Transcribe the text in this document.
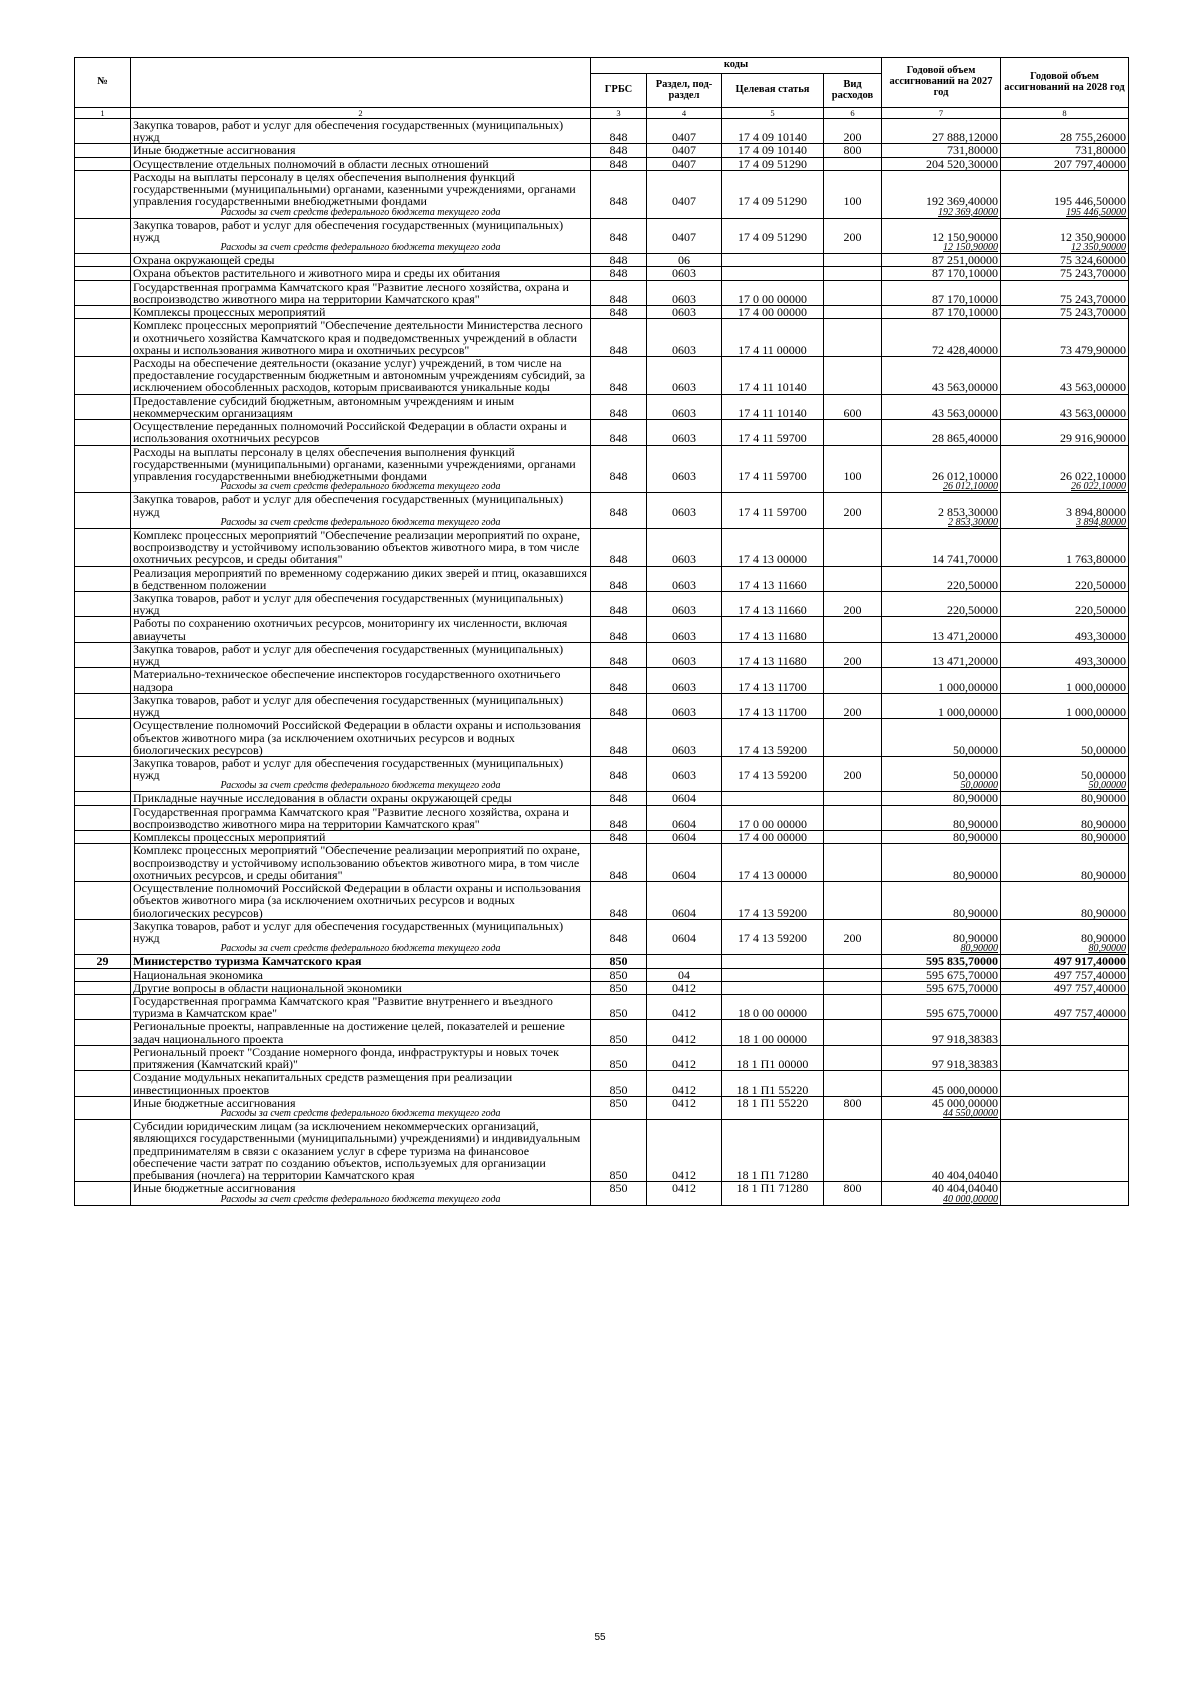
№		коды				Годовой объем ассигнований на 2027 год	Годовой объем ассигнований на 2028 год
		ГРБС	Раздел, под-раздел	Целевая статья	Вид расходов		
1	2	3	4	5	6	7	8
	Закупка товаров, работ и услуг для обеспечения государственных (муниципальных) нужд	848	0407	17 4 09 10140	200	27 888,12000	28 755,26000
	Иные бюджетные ассигнования	848	0407	17 4 09 10140	800	731,80000	731,80000
	Осуществление отдельных полномочий в области лесных отношений	848	0407	17 4 09 51290		204 520,30000	207 797,40000
	Расходы на выплаты персоналу в целях обеспечения выполнения функций государственными (муниципальными) органами, казенными учреждениями, органами управления государственными внебюджетными фондами	848	0407	17 4 09 51290	100	192 369,40000	195 446,50000
	Расходы за счет средств федерального бюджета текущего года					192 369,40000	195 446,50000
	Закупка товаров, работ и услуг для обеспечения государственных (муниципальных) нужд	848	0407	17 4 09 51290	200	12 150,90000	12 350,90000
	Расходы за счет средств федерального бюджета текущего года					12 150,90000	12 350,90000
	Охрана окружающей среды	848	06			87 251,00000	75 324,60000
	Охрана объектов растительного и животного мира и среды их обитания	848	0603			87 170,10000	75 243,70000
	Государственная программа Камчатского края "Развитие лесного хозяйства, охрана и воспроизводство животного мира на территории Камчатского края"	848	0603	17 0 00 00000		87 170,10000	75 243,70000
	Комплексы процессных мероприятий	848	0603	17 4 00 00000		87 170,10000	75 243,70000
	Комплекс процессных мероприятий "Обеспечение деятельности Министерства лесного и охотничьего хозяйства Камчатского края и подведомственных учреждений в области охраны и использования животного мира и охотничьих ресурсов"	848	0603	17 4 11 00000		72 428,40000	73 479,90000
	Расходы на обеспечение деятельности (оказание услуг) учреждений, в том числе на предоставление государственным бюджетным и автономным учреждениям субсидий, за исключением обособленных расходов, которым присваиваются уникальные коды	848	0603	17 4 11 10140		43 563,00000	43 563,00000
	Предоставление субсидий бюджетным, автономным учреждениям и иным некоммерческим организациям	848	0603	17 4 11 10140	600	43 563,00000	43 563,00000
	Осуществление переданных полномочий Российской Федерации в области охраны и использования охотничьих ресурсов	848	0603	17 4 11 59700		28 865,40000	29 916,90000
	Расходы на выплаты персоналу в целях обеспечения выполнения функций государственными (муниципальными) органами, казенными учреждениями, органами управления государственными внебюджетными фондами	848	0603	17 4 11 59700	100	26 012,10000	26 022,10000
	Расходы за счет средств федерального бюджета текущего года					26 012,10000	26 022,10000
	Закупка товаров, работ и услуг для обеспечения государственных (муниципальных) нужд	848	0603	17 4 11 59700	200	2 853,30000	3 894,80000
	Расходы за счет средств федерального бюджета текущего года					2 853,30000	3 894,80000
	Комплекс процессных мероприятий "Обеспечение реализации мероприятий по охране, воспроизводству и устойчивому использованию объектов животного мира, в том числе охотничьих ресурсов, и среды обитания"	848	0603	17 4 13 00000		14 741,70000	1 763,80000
	Реализация мероприятий по временному содержанию диких зверей и птиц, оказавшихся в бедственном положении	848	0603	17 4 13 11660		220,50000	220,50000
	Закупка товаров, работ и услуг для обеспечения государственных (муниципальных) нужд	848	0603	17 4 13 11660	200	220,50000	220,50000
	Работы по сохранению охотничьих ресурсов, мониторингу их численности, включая авиаучеты	848	0603	17 4 13 11680		13 471,20000	493,30000
	Закупка товаров, работ и услуг для обеспечения государственных (муниципальных) нужд	848	0603	17 4 13 11680	200	13 471,20000	493,30000
	Материально-техническое обеспечение инспекторов государственного охотничьего надзора	848	0603	17 4 13 11700		1 000,00000	1 000,00000
	Закупка товаров, работ и услуг для обеспечения государственных (муниципальных) нужд	848	0603	17 4 13 11700	200	1 000,00000	1 000,00000
	Осуществление полномочий Российской Федерации в области охраны и использования объектов животного мира (за исключением охотничьих ресурсов и водных биологических ресурсов)	848	0603	17 4 13 59200		50,00000	50,00000
	Закупка товаров, работ и услуг для обеспечения государственных (муниципальных) нужд	848	0603	17 4 13 59200	200	50,00000	50,00000
	Расходы за счет средств федерального бюджета текущего года					50,00000	50,00000
	Прикладные научные исследования в области охраны окружающей среды	848	0604			80,90000	80,90000
	Государственная программа Камчатского края "Развитие лесного хозяйства, охрана и воспроизводство животного мира на территории Камчатского края"	848	0604	17 0 00 00000		80,90000	80,90000
	Комплексы процессных мероприятий	848	0604	17 4 00 00000		80,90000	80,90000
	Комплекс процессных мероприятий "Обеспечение реализации мероприятий по охране, воспроизводству и устойчивому использованию объектов животного мира, в том числе охотничьих ресурсов, и среды обитания"	848	0604	17 4 13 00000		80,90000	80,90000
	Осуществление полномочий Российской Федерации в области охраны и использования объектов животного мира (за исключением охотничьих ресурсов и водных биологических ресурсов)	848	0604	17 4 13 59200		80,90000	80,90000
	Закупка товаров, работ и услуг для обеспечения государственных (муниципальных) нужд	848	0604	17 4 13 59200	200	80,90000	80,90000
	Расходы за счет средств федерального бюджета текущего года					80,90000	80,90000
29	Министерство туризма Камчатского края	850				595 835,70000	497 917,40000
	Национальная экономика	850	04			595 675,70000	497 757,40000
	Другие вопросы в области национальной экономики	850	0412			595 675,70000	497 757,40000
	Государственная программа Камчатского края "Развитие внутреннего и въездного туризма в Камчатском крае"	850	0412	18 0 00 00000		595 675,70000	497 757,40000
	Региональные проекты, направленные на достижение целей, показателей и решение задач национального проекта	850	0412	18 1 00 00000		97 918,38383	
	Региональный проект "Создание номерного фонда, инфраструктуры и новых точек притяжения (Камчатский край)"	850	0412	18 1 П1 00000		97 918,38383	
	Создание модульных некапитальных средств размещения при реализации инвестиционных проектов	850	0412	18 1 П1 55220		45 000,00000	
	Иные бюджетные ассигнования	850	0412	18 1 П1 55220	800	45 000,00000	
	Расходы за счет средств федерального бюджета текущего года					44 550,00000	
	Субсидии юридическим лицам (за исключением некоммерческих организаций, являющихся государственными (муниципальными) учреждениями) и индивидуальным предпринимателям в связи с оказанием услуг в сфере туризма на финансовое обеспечение части затрат по созданию объектов, используемых для организации пребывания (ночлега) на территории Камчатского края	850	0412	18 1 П1 71280		40 404,04040	
	Иные бюджетные ассигнования	850	0412	18 1 П1 71280	800	40 404,04040	
	Расходы за счет средств федерального бюджета текущего года					40 000,00000	
55
